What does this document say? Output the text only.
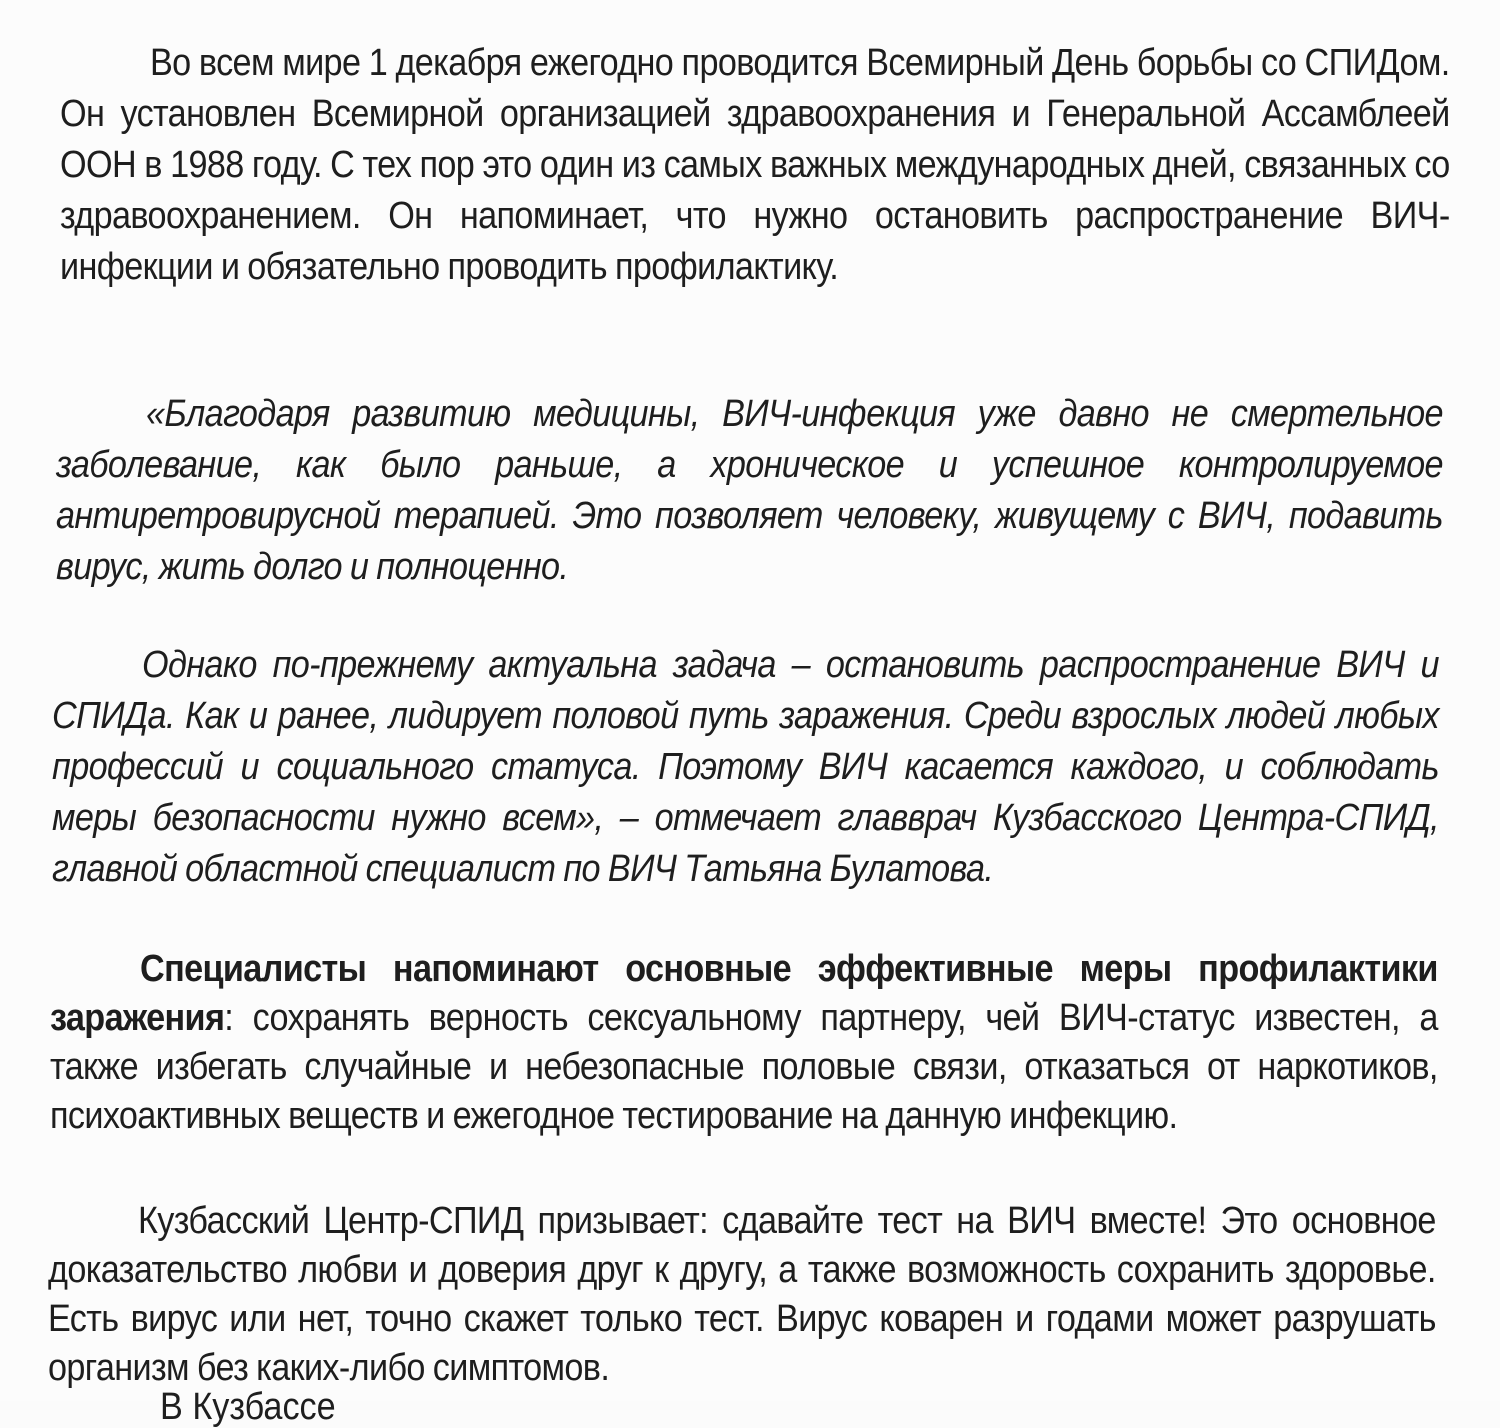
Во всем мире 1 декабря ежегодно проводится Всемирный День борьбы со СПИДом. Он установлен Всемирной организацией здравоохранения и Генеральной Ассамблеей ООН в 1988 году. С тех пор это один из самых важных международных дней, связанных со здравоохранением. Он напоминает, что нужно остановить распространение ВИЧ-инфекции и обязательно проводить профилактику.

«Благодаря развитию медицины, ВИЧ-инфекция уже давно не смертельное заболевание, как было раньше, а хроническое и успешное контролируемое антиретровирусной терапией. Это позволяет человеку, живущему с ВИЧ, подавить вирус, жить долго и полноценно.

Однако по-прежнему актуальна задача – остановить распространение ВИЧ и СПИДа. Как и ранее, лидирует половой путь заражения. Среди взрослых людей любых профессий и социального статуса. Поэтому ВИЧ касается каждого, и соблюдать меры безопасности нужно всем», – отмечает главврач Кузбасского Центра-СПИД, главной областной специалист по ВИЧ Татьяна Булатова.

Специалисты напоминают основные эффективные меры профилактики заражения: сохранять верность сексуальному партнеру, чей ВИЧ-статус известен, а также избегать случайные и небезопасные половые связи, отказаться от наркотиков, психоактивных веществ и ежегодное тестирование на данную инфекцию.

Кузбасский Центр-СПИД призывает: сдавайте тест на ВИЧ вместе! Это основное доказательство любви и доверия друг к другу, а также возможность сохранить здоровье. Есть вирус или нет, точно скажет только тест. Вирус коварен и годами может разрушать организм без каких-либо симптомов.

В Кузбассе
